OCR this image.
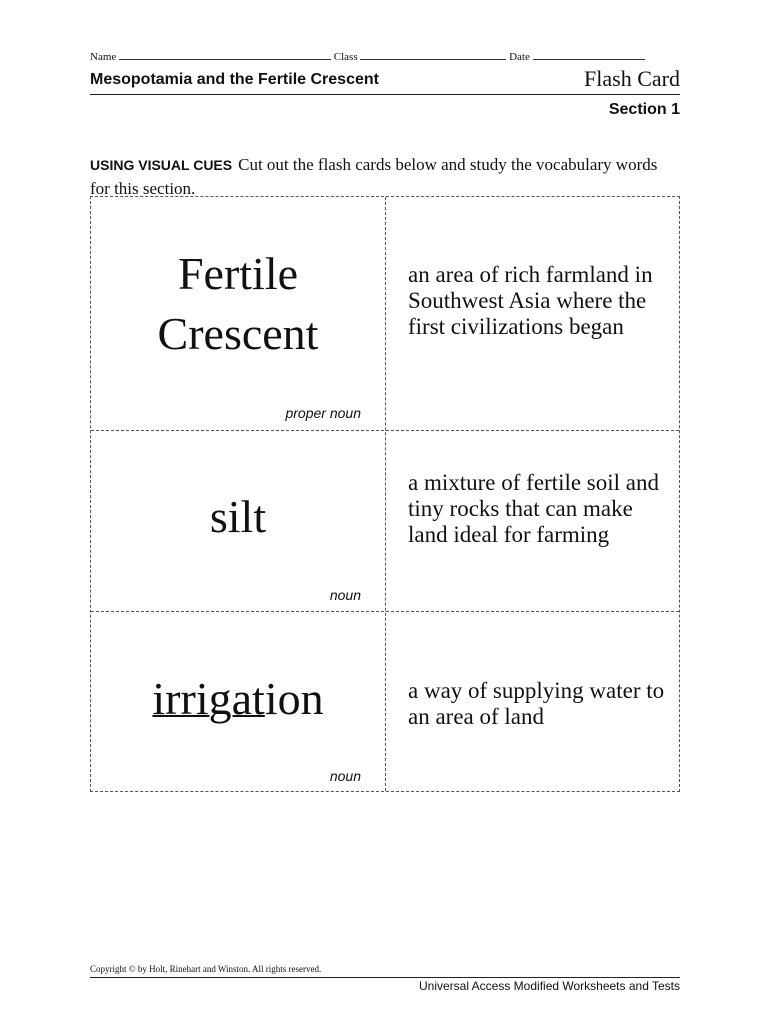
Name	Class	Date
Mesopotamia and the Fertile Crescent	Flash Card
Section 1
USING VISUAL CUES Cut out the flash cards below and study the vocabulary words for this section.
Fertile
Crescent
proper noun
an area of rich farmland in Southwest Asia where the first civilizations began
silt
noun
a mixture of fertile soil and tiny rocks that can make land ideal for farming
irrigation
noun
a way of supplying water to an area of land
Copyright © by Holt, Rinehart and Winston. All rights reserved.
Universal Access Modified Worksheets and Tests
